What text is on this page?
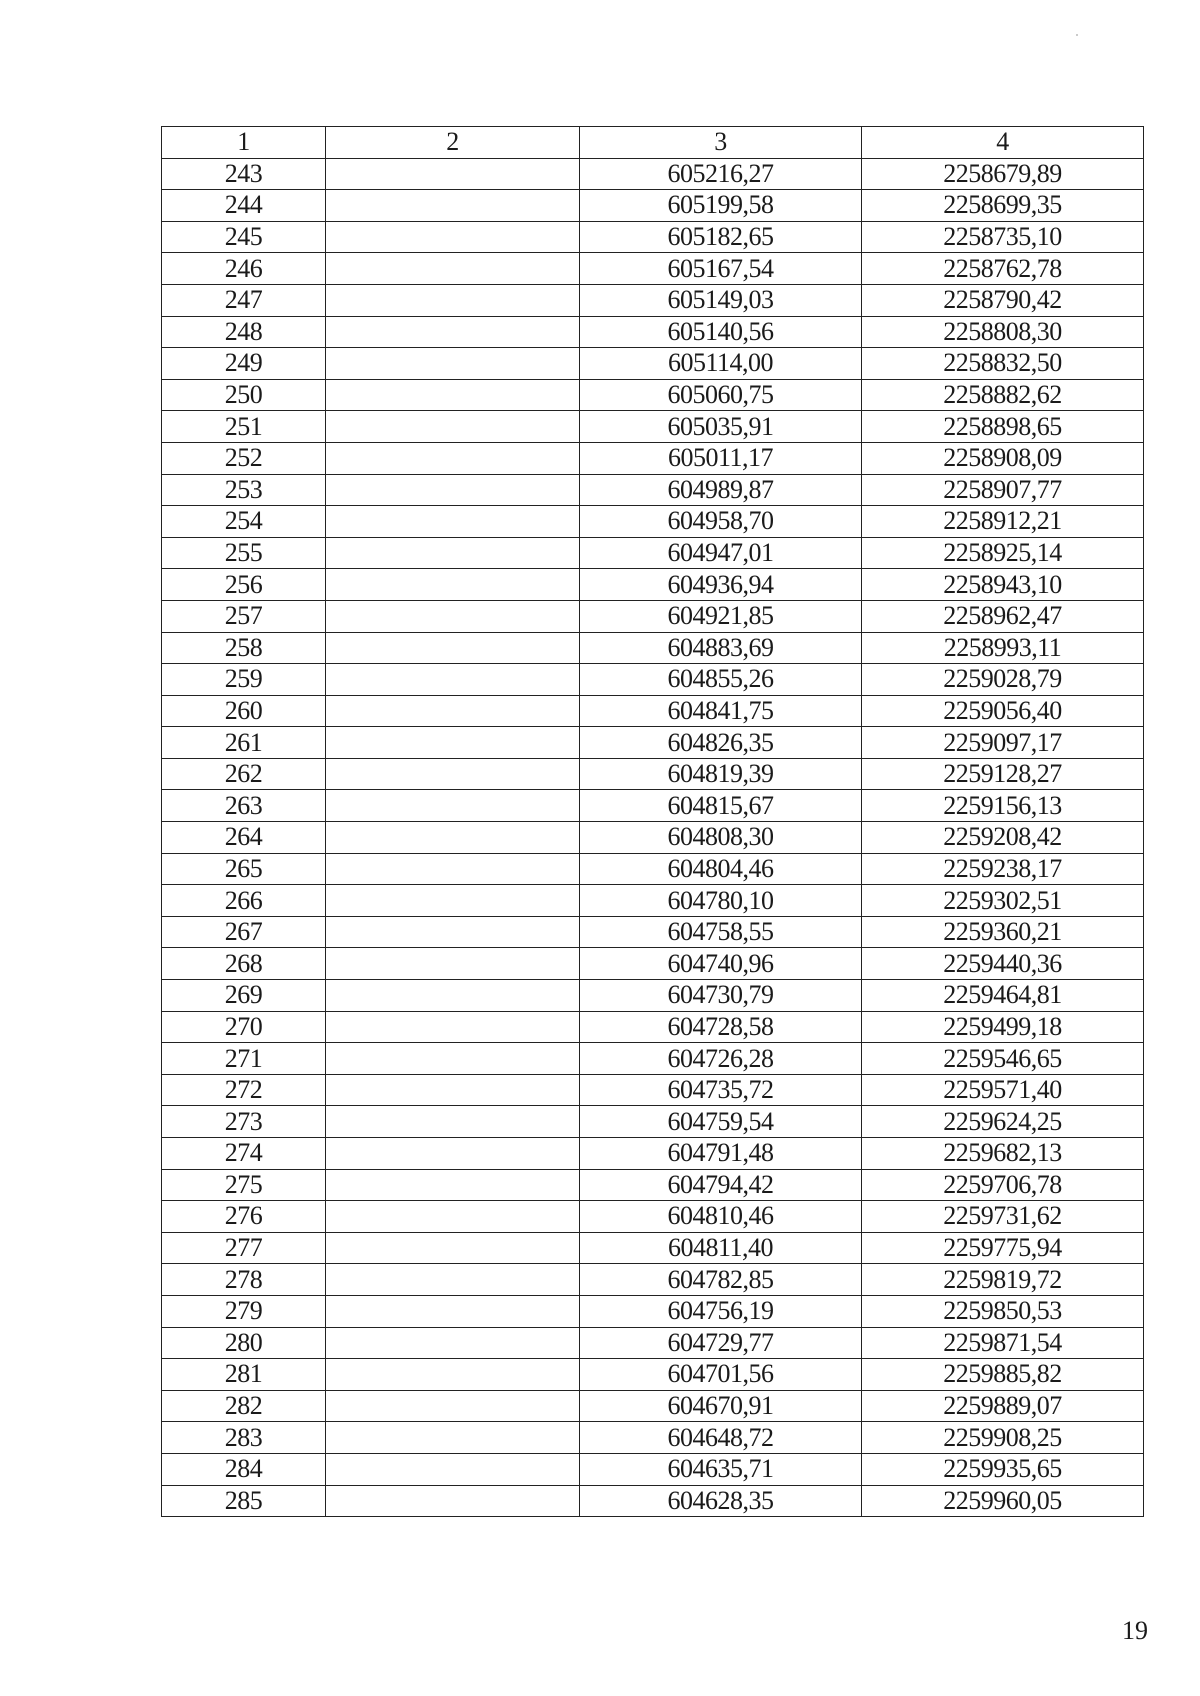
1	2	3	4
243		605216,27	2258679,89
244		605199,58	2258699,35
245		605182,65	2258735,10
246		605167,54	2258762,78
247		605149,03	2258790,42
248		605140,56	2258808,30
249		605114,00	2258832,50
250		605060,75	2258882,62
251		605035,91	2258898,65
252		605011,17	2258908,09
253		604989,87	2258907,77
254		604958,70	2258912,21
255		604947,01	2258925,14
256		604936,94	2258943,10
257		604921,85	2258962,47
258		604883,69	2258993,11
259		604855,26	2259028,79
260		604841,75	2259056,40
261		604826,35	2259097,17
262		604819,39	2259128,27
263		604815,67	2259156,13
264		604808,30	2259208,42
265		604804,46	2259238,17
266		604780,10	2259302,51
267		604758,55	2259360,21
268		604740,96	2259440,36
269		604730,79	2259464,81
270		604728,58	2259499,18
271		604726,28	2259546,65
272		604735,72	2259571,40
273		604759,54	2259624,25
274		604791,48	2259682,13
275		604794,42	2259706,78
276		604810,46	2259731,62
277		604811,40	2259775,94
278		604782,85	2259819,72
279		604756,19	2259850,53
280		604729,77	2259871,54
281		604701,56	2259885,82
282		604670,91	2259889,07
283		604648,72	2259908,25
284		604635,71	2259935,65
285		604628,35	2259960,05
19
